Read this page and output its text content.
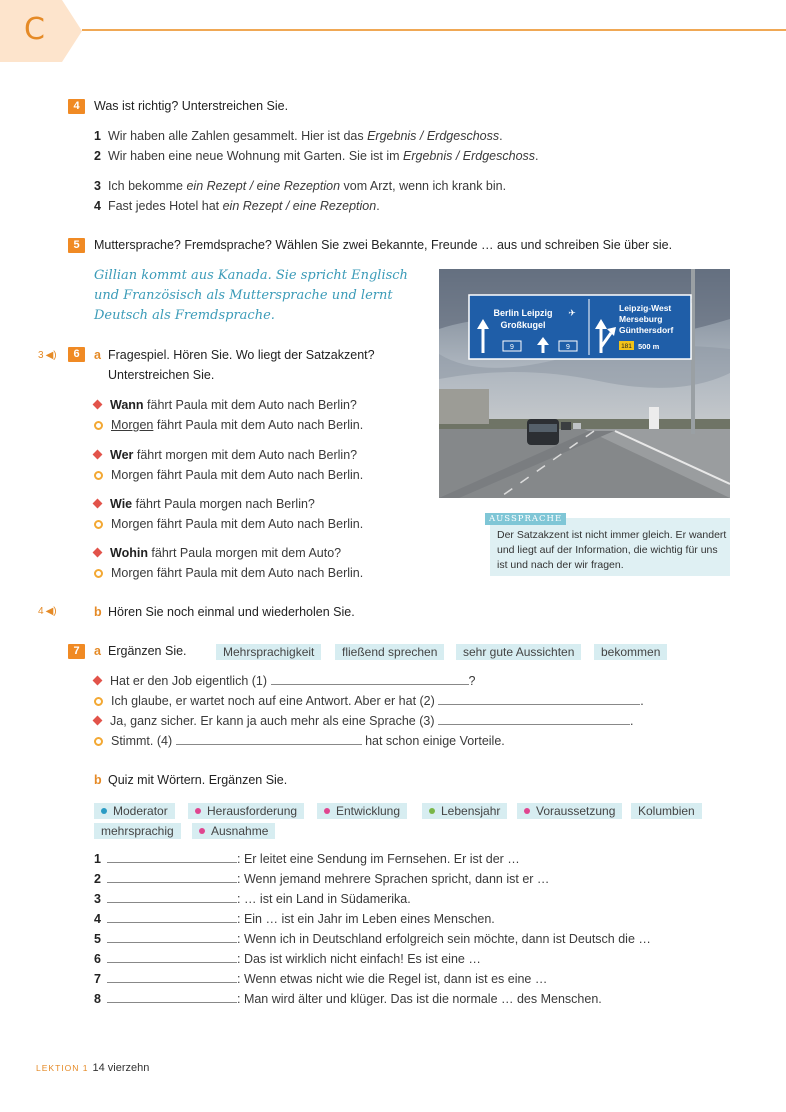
C
4	Was ist richtig? Unterstreichen Sie.
1 Wir haben alle Zahlen gesammelt. Hier ist das Ergebnis / Erdgeschoss.
2 Wir haben eine neue Wohnung mit Garten. Sie ist im Ergebnis / Erdgeschoss.
3 Ich bekomme ein Rezept / eine Rezeption vom Arzt, wenn ich krank bin.
4 Fast jedes Hotel hat ein Rezept / eine Rezeption.
5	Muttersprache? Fremdsprache? Wählen Sie zwei Bekannte, Freunde … aus und schreiben Sie über sie.
Gillian kommt aus Kanada. Sie spricht Englisch und Französisch als Muttersprache und lernt Deutsch als Fremdsprache.
3 ◀)	6	a Fragespiel. Hören Sie. Wo liegt der Satzakzent?
Unterstreichen Sie.
Wann fährt Paula mit dem Auto nach Berlin?
Morgen fährt Paula mit dem Auto nach Berlin.
Wer fährt morgen mit dem Auto nach Berlin?
Morgen fährt Paula mit dem Auto nach Berlin.
Wie fährt Paula morgen nach Berlin?
Morgen fährt Paula mit dem Auto nach Berlin.
Wohin fährt Paula morgen mit dem Auto?
Morgen fährt Paula mit dem Auto nach Berlin.
4 ◀)	b Hören Sie noch einmal und wiederholen Sie.
Berlin Leipzig
Großkugel
✈
9	9
Leipzig-West
Merseburg
Günthersdorf
181 500 m
AUSSPRACHE
Der Satzakzent ist nicht immer gleich. Er wandert und liegt auf der Information, die wichtig für uns ist und nach der wir fragen.
7	a Ergänzen Sie.	Mehrsprachigkeit	fließend sprechen	sehr gute Aussichten	bekommen
Hat er den Job eigentlich (1)	?
Ich glaube, er wartet noch auf eine Antwort. Aber er hat (2)	.
Ja, ganz sicher. Er kann ja auch mehr als eine Sprache (3)	.
Stimmt. (4)	hat schon einige Vorteile.
b Quiz mit Wörtern. Ergänzen Sie.
Moderator	Herausforderung	Entwicklung	Lebensjahr	Voraussetzung	Kolumbien
mehrsprachig	Ausnahme
1	: Er leitet eine Sendung im Fernsehen. Er ist der …
2	: Wenn jemand mehrere Sprachen spricht, dann ist er …
3	: … ist ein Land in Südamerika.
4	: Ein … ist ein Jahr im Leben eines Menschen.
5	: Wenn ich in Deutschland erfolgreich sein möchte, dann ist Deutsch die …
6	: Das ist wirklich nicht einfach! Es ist eine …
7	: Wenn etwas nicht wie die Regel ist, dann ist es eine …
8	: Man wird älter und klüger. Das ist die normale … des Menschen.
LEKTION 1 14 vierzehn
